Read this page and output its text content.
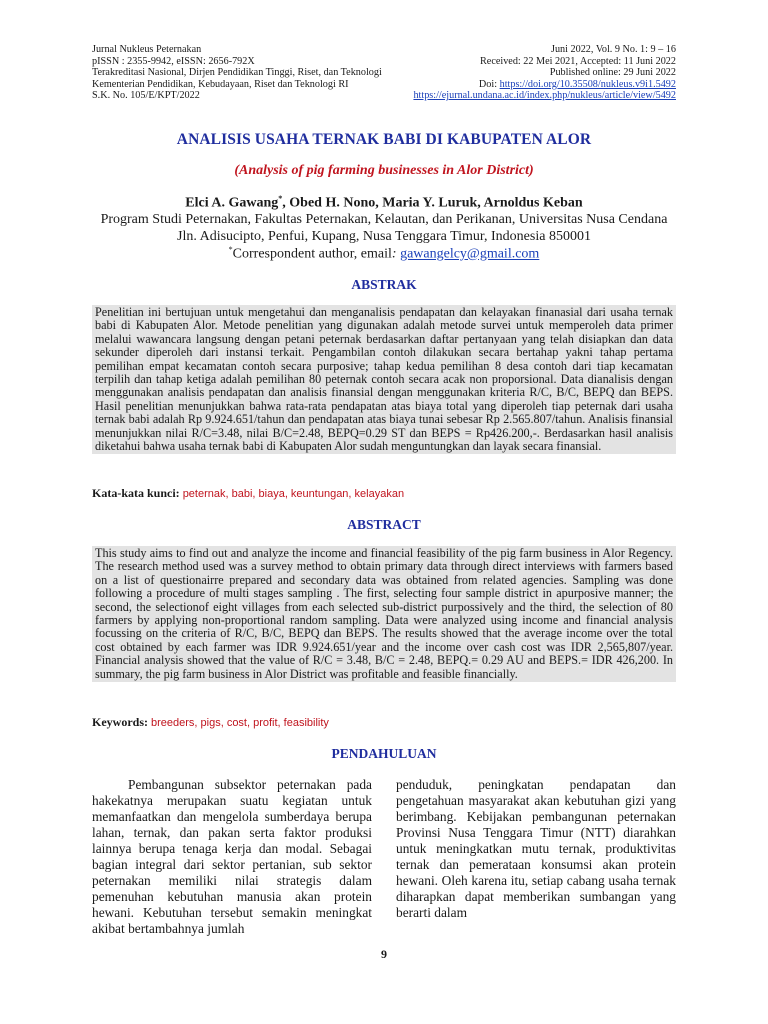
Jurnal Nukleus Peternakan
pISSN : 2355-9942, eISSN: 2656-792X
Terakreditasi Nasional, Dirjen Pendidikan Tinggi, Riset, dan Teknologi
Kementerian Pendidikan, Kebudayaan, Riset dan Teknologi RI
S.K. No. 105/E/KPT/2022
Juni 2022, Vol. 9 No. 1: 9 – 16
Received: 22 Mei 2021, Accepted: 11 Juni 2022
Published online: 29 Juni 2022
Doi: https://doi.org/10.35508/nukleus.v9i1.5492
https://ejurnal.undana.ac.id/index.php/nukleus/article/view/5492
ANALISIS USAHA TERNAK BABI DI KABUPATEN ALOR
(Analysis of pig farming businesses in Alor District)
Elci A. Gawang*, Obed H. Nono, Maria Y. Luruk, Arnoldus Keban
Program Studi Peternakan, Fakultas Peternakan, Kelautan, dan Perikanan, Universitas Nusa Cendana
Jln. Adisucipto, Penfui, Kupang, Nusa Tenggara Timur, Indonesia 850001
*Correspondent author, email: gawangelcy@gmail.com
ABSTRAK
Penelitian ini bertujuan untuk mengetahui dan menganalisis pendapatan dan kelayakan finanasial dari usaha ternak babi di Kabupaten Alor. Metode penelitian yang digunakan adalah metode survei untuk memperoleh data primer melalui wawancara langsung dengan petani peternak berdasarkan daftar pertanyaan yang telah disiapkan dan data sekunder diperoleh dari instansi terkait. Pengambilan contoh dilakukan secara bertahap yakni tahap pertama pemilihan empat kecamatan contoh secara purposive; tahap kedua pemilihan 8 desa contoh dari tiap kecamatan terpilih dan tahap ketiga adalah pemilihan 80 peternak contoh secara acak non proporsional. Data dianalisis dengan menggunakan analisis pendapatan dan analisis finansial dengan menggunakan kriteria R/C, B/C, BEPQ dan BEPS. Hasil penelitian menunjukkan bahwa rata-rata pendapatan atas biaya total yang diperoleh tiap peternak dari usaha ternak babi adalah Rp 9.924.651/tahun dan pendapatan atas biaya tunai sebesar Rp 2.565.807/tahun. Analisis finansial menunjukkan nilai R/C=3.48, nilai B/C=2.48, BEPQ=0.29 ST dan BEPS = Rp426.200,-. Berdasarkan hasil analisis diketahui bahwa usaha ternak babi di Kabupaten Alor sudah menguntungkan dan layak secara finansial.
Kata-kata kunci: peternak, babi, biaya, keuntungan, kelayakan
ABSTRACT
This study aims to find out and analyze the income and financial feasibility of the pig farm business in Alor Regency. The research method used was a survey method to obtain primary data through direct interviews with farmers based on a list of questionairre prepared and secondary data was obtained from related agencies. Sampling was done following a procedure of multi stages sampling . The first, selecting four sample district in apurposive manner; the second, the selectionof eight villages from each selected sub-district purpossively and the third, the selection of 80 farmers by applying non-proportional random sampling. Data were analyzed using income and financial analysis focussing on the criteria of R/C, B/C, BEPQ dan BEPS. The results showed that the average income over the total cost obtained by each farmer was IDR 9.924.651/year and the income over cash cost was IDR 2,565,807/year. Financial analysis showed that the value of R/C = 3.48, B/C = 2.48, BEPQ.= 0.29 AU and BEPS.= IDR 426,200. In summary, the pig farm business in Alor District was profitable and feasible financially.
Keywords: breeders, pigs, cost, profit, feasibility
PENDAHULUAN

Pembangunan subsektor peternakan pada hakekatnya merupakan suatu kegiatan untuk memanfaatkan dan mengelola sumberdaya berupa lahan, ternak, dan pakan serta faktor produksi lainnya berupa tenaga kerja dan modal. Sebagai bagian integral dari sektor pertanian, sub sektor peternakan memiliki nilai strategis dalam pemenuhan kebutuhan manusia akan protein hewani. Kebutuhan tersebut semakin meningkat akibat bertambahnya jumlah

penduduk, peningkatan pendapatan dan pengetahuan masyarakat akan kebutuhan gizi yang berimbang. Kebijakan pembangunan peternakan Provinsi Nusa Tenggara Timur (NTT) diarahkan untuk meningkatkan mutu ternak, produktivitas ternak dan pemerataan konsumsi akan protein hewani. Oleh karena itu, setiap cabang usaha ternak diharapkan dapat memberikan sumbangan yang berarti dalam

9
